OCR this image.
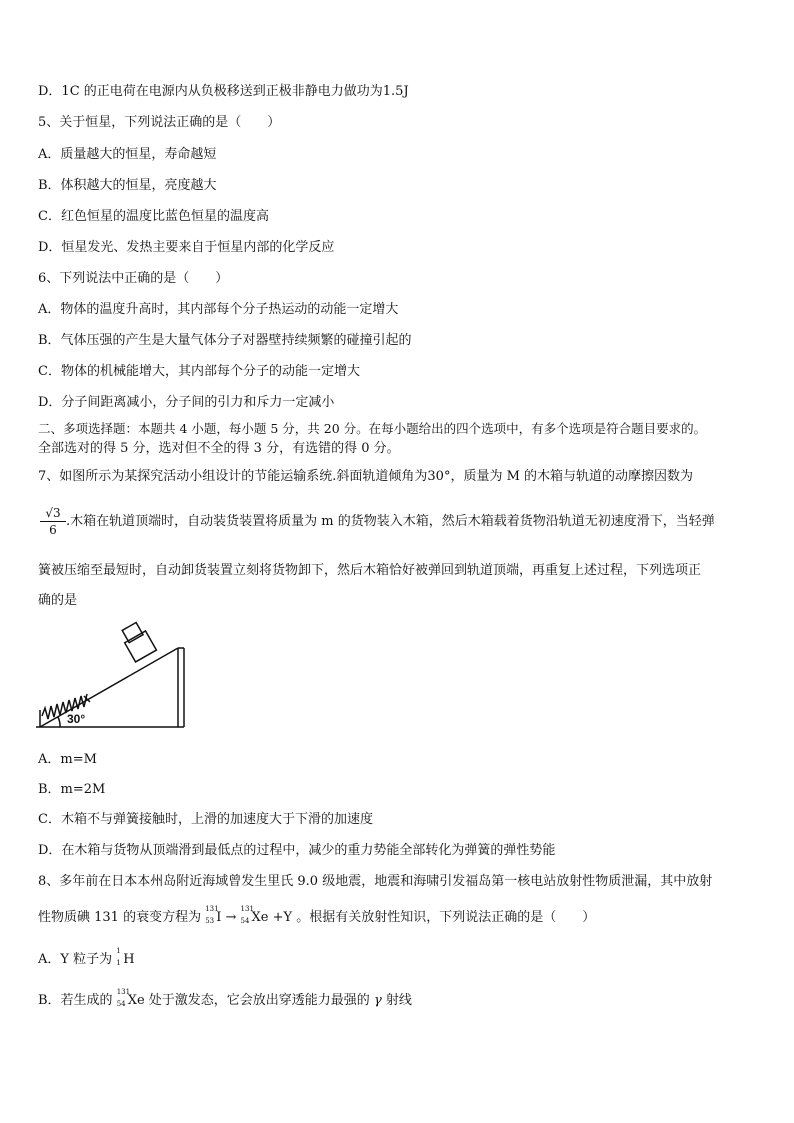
D．1C 的正电荷在电源内从负极移送到正极非静电力做功为1.5J
5、关于恒星，下列说法正确的是（　　）
A．质量越大的恒星，寿命越短
B．体积越大的恒星，亮度越大
C．红色恒星的温度比蓝色恒星的温度高
D．恒星发光、发热主要来自于恒星内部的化学反应
6、下列说法中正确的是（　　）
A．物体的温度升高时，其内部每个分子热运动的动能一定增大
B．气体压强的产生是大量气体分子对器壁持续频繁的碰撞引起的
C．物体的机械能增大，其内部每个分子的动能一定增大
D．分子间距离减小，分子间的引力和斥力一定减小
二、多项选择题：本题共 4 小题，每小题 5 分，共 20 分。在每小题给出的四个选项中，有多个选项是符合题目要求的。
全部选对的得 5 分，选对但不全的得 3 分，有选错的得 0 分。
7、如图所示为某探究活动小组设计的节能运输系统.斜面轨道倾角为30°，质量为 M 的木箱与轨道的动摩擦因数为
$\frac{√3}{6}$ .木箱在轨道顶端时，自动装货装置将质量为 m 的货物装入木箱，然后木箱载着货物沿轨道无初速度滑下，当轻弹
簧被压缩至最短时，自动卸货装置立刻将货物卸下，然后木箱恰好被弹回到轨道顶端，再重复上述过程，下列选项正
确的是
30°
A．m=M
B．m=2M
C．木箱不与弹簧接触时，上滑的加速度大于下滑的加速度
D．在木箱与货物从顶端滑到最低点的过程中，减少的重力势能全部转化为弹簧的弹性势能
8、多年前在日本本州岛附近海域曾发生里氏 9.0 级地震，地震和海啸引发福岛第一核电站放射性物质泄漏，其中放射
性物质碘 131 的衰变方程为
131
53 I →
131
54 Xe +Υ 。根据有关放射性知识，下列说法正确的是（　　）
A．Υ 粒子为
1
1 H
B．若生成的
131
54 Xe 处于激发态，它会放出穿透能力最强的 γ 射线
